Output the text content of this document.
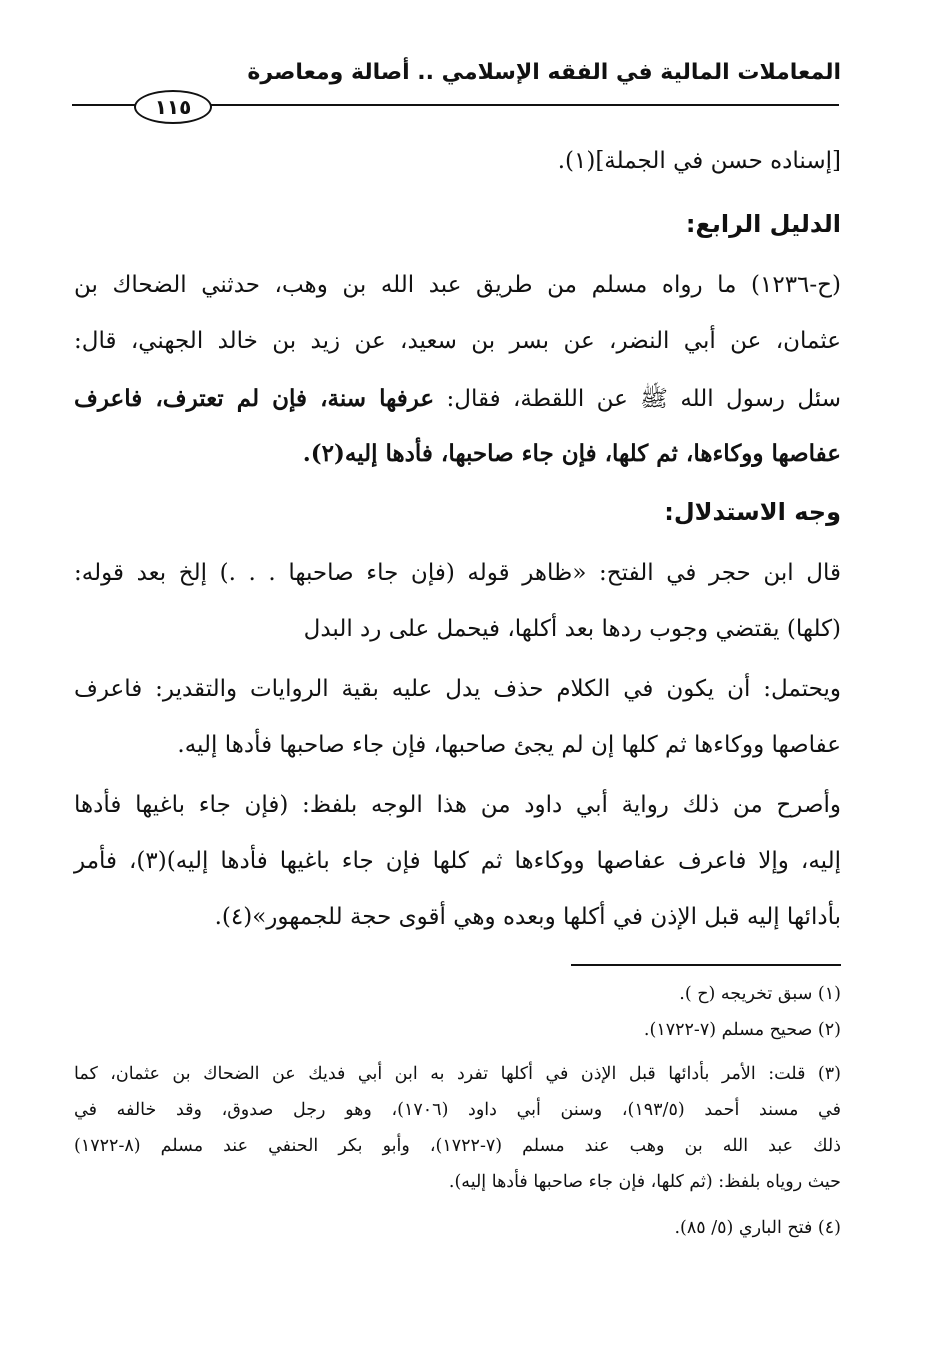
المعاملات المالية في الفقه الإسلامي .. أصالة ومعاصرة
١١٥
[إسناده حسن في الجملة](١).
الدليل الرابع:
(ح-١٢٣٦) ما رواه مسلم من طريق عبد الله بن وهب، حدثني الضحاك بن
عثمان، عن أبي النضر، عن بسر بن سعيد، عن زيد بن خالد الجهني، قال:
سئل رسول الله ﷺ عن اللقطة، فقال: عرفها سنة، فإن لم تعترف، فاعرف
عفاصها ووكاءها، ثم كلها، فإن جاء صاحبها، فأدها إليه(٢).
وجه الاستدلال:
قال ابن حجر في الفتح: «ظاهر قوله (فإن جاء صاحبها . . .) إلخ بعد قوله:
(كلها) يقتضي وجوب ردها بعد أكلها، فيحمل على رد البدل
ويحتمل: أن يكون في الكلام حذف يدل عليه بقية الروايات والتقدير: فاعرف
عفاصها ووكاءها ثم كلها إن لم يجئ صاحبها، فإن جاء صاحبها فأدها إليه.
وأصرح من ذلك رواية أبي داود من هذا الوجه بلفظ: (فإن جاء باغيها فأدها
إليه، وإلا فاعرف عفاصها ووكاءها ثم كلها فإن جاء باغيها فأدها إليه)(٣)، فأمر
بأدائها إليه قبل الإذن في أكلها وبعده وهي أقوى حجة للجمهور»(٤).
(١) سبق تخريجه (ح ).
(٢) صحيح مسلم (٧-١٧٢٢).
(٣) قلت: الأمر بأدائها قبل الإذن في أكلها تفرد به ابن أبي فديك عن الضحاك بن عثمان، كما
في مسند أحمد (١٩٣/٥)، وسنن أبي داود (١٧٠٦)، وهو رجل صدوق، وقد خالفه في
ذلك عبد الله بن وهب عند مسلم (٧-١٧٢٢)، وأبو بكر الحنفي عند مسلم (٨-١٧٢٢)
حيث روياه بلفظ: (ثم كلها، فإن جاء صاحبها فأدها إليه).
(٤) فتح الباري (٥/ ٨٥).
